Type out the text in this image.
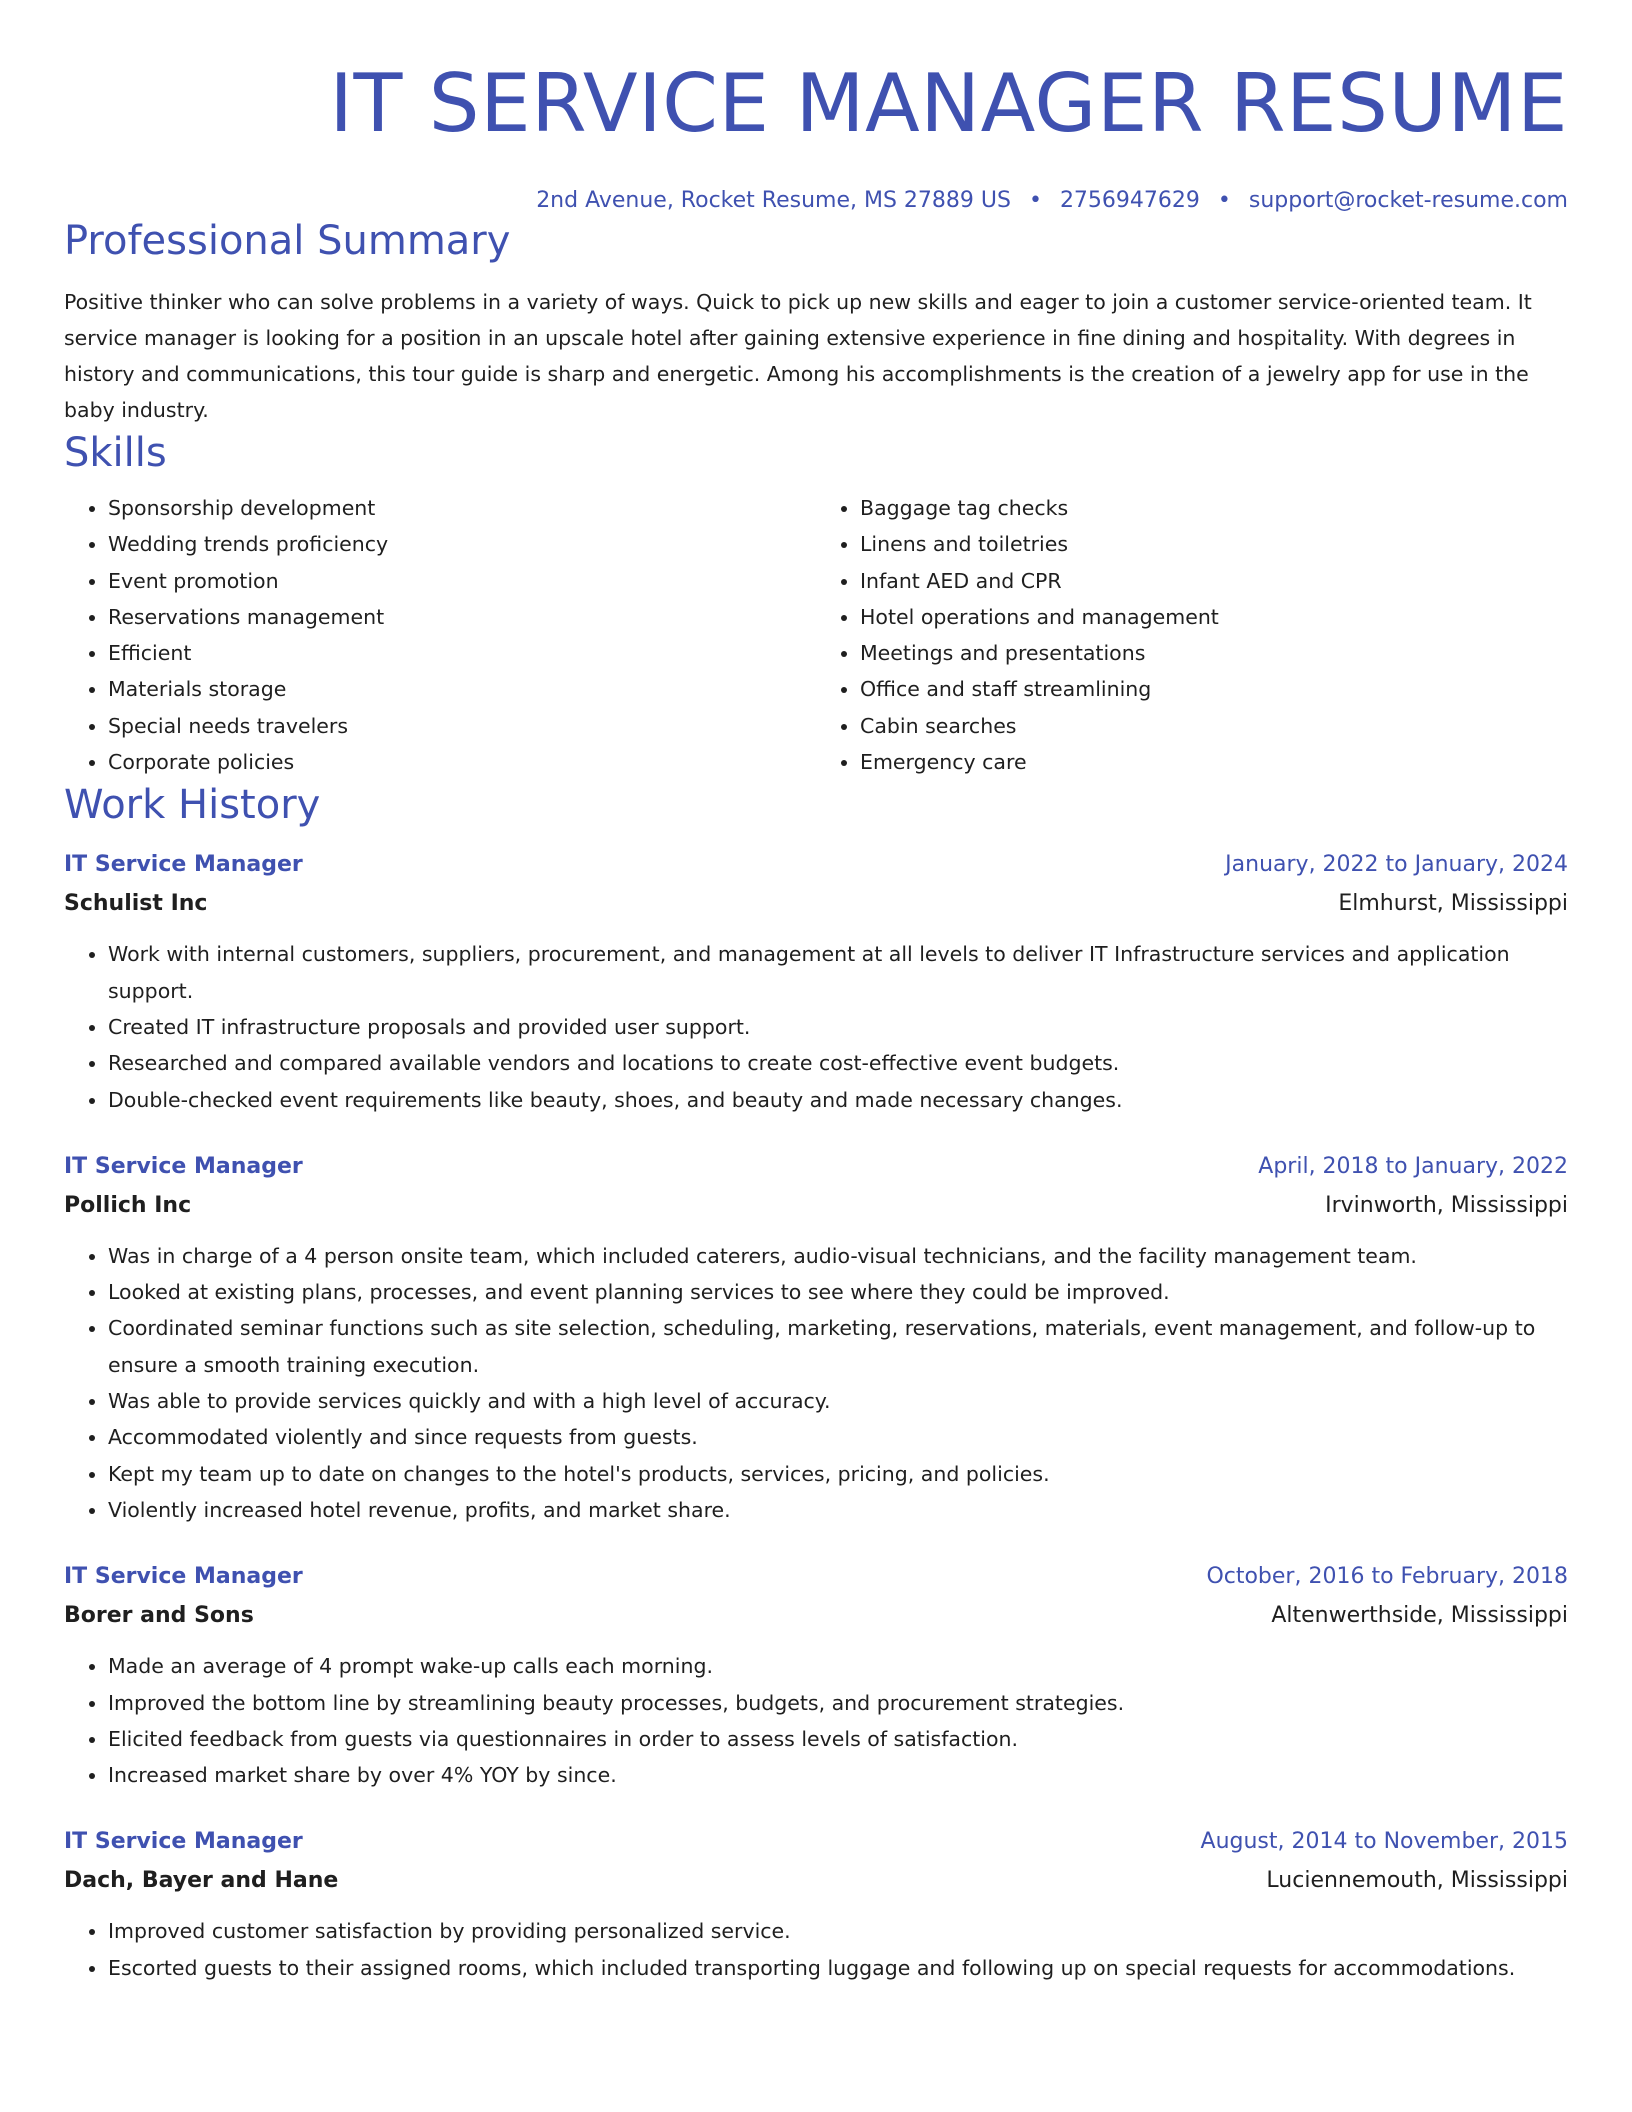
IT SERVICE MANAGER RESUME
2nd Avenue, Rocket Resume, MS 27889 US • 2756947629 • support@rocket-resume.com
Professional Summary

Positive thinker who can solve problems in a variety of ways. Quick to pick up new skills and eager to join a customer service-oriented team. It service manager is looking for a position in an upscale hotel after gaining extensive experience in fine dining and hospitality. With degrees in history and communications, this tour guide is sharp and energetic. Among his accomplishments is the creation of a jewelry app for use in the baby industry.

Skills
• Sponsorship development
• Wedding trends proficiency
• Event promotion
• Reservations management
• Efficient
• Materials storage
• Special needs travelers
• Corporate policies
• Baggage tag checks
• Linens and toiletries
• Infant AED and CPR
• Hotel operations and management
• Meetings and presentations
• Office and staff streamlining
• Cabin searches
• Emergency care
Work History
IT Service Manager	January, 2022 to January, 2024
Schulist Inc	Elmhurst, Mississippi
• Work with internal customers, suppliers, procurement, and management at all levels to deliver IT Infrastructure services and application support.
• Created IT infrastructure proposals and provided user support.
• Researched and compared available vendors and locations to create cost-effective event budgets.
• Double-checked event requirements like beauty, shoes, and beauty and made necessary changes.
IT Service Manager	April, 2018 to January, 2022
Pollich Inc	Irvinworth, Mississippi
• Was in charge of a 4 person onsite team, which included caterers, audio-visual technicians, and the facility management team.
• Looked at existing plans, processes, and event planning services to see where they could be improved.
• Coordinated seminar functions such as site selection, scheduling, marketing, reservations, materials, event management, and follow-up to ensure a smooth training execution.
• Was able to provide services quickly and with a high level of accuracy.
• Accommodated violently and since requests from guests.
• Kept my team up to date on changes to the hotel's products, services, pricing, and policies.
• Violently increased hotel revenue, profits, and market share.
IT Service Manager	October, 2016 to February, 2018
Borer and Sons	Altenwerthside, Mississippi
• Made an average of 4 prompt wake-up calls each morning.
• Improved the bottom line by streamlining beauty processes, budgets, and procurement strategies.
• Elicited feedback from guests via questionnaires in order to assess levels of satisfaction.
• Increased market share by over 4% YOY by since.
IT Service Manager	August, 2014 to November, 2015
Dach, Bayer and Hane	Luciennemouth, Mississippi
• Improved customer satisfaction by providing personalized service.
• Escorted guests to their assigned rooms, which included transporting luggage and following up on special requests for accommodations.
